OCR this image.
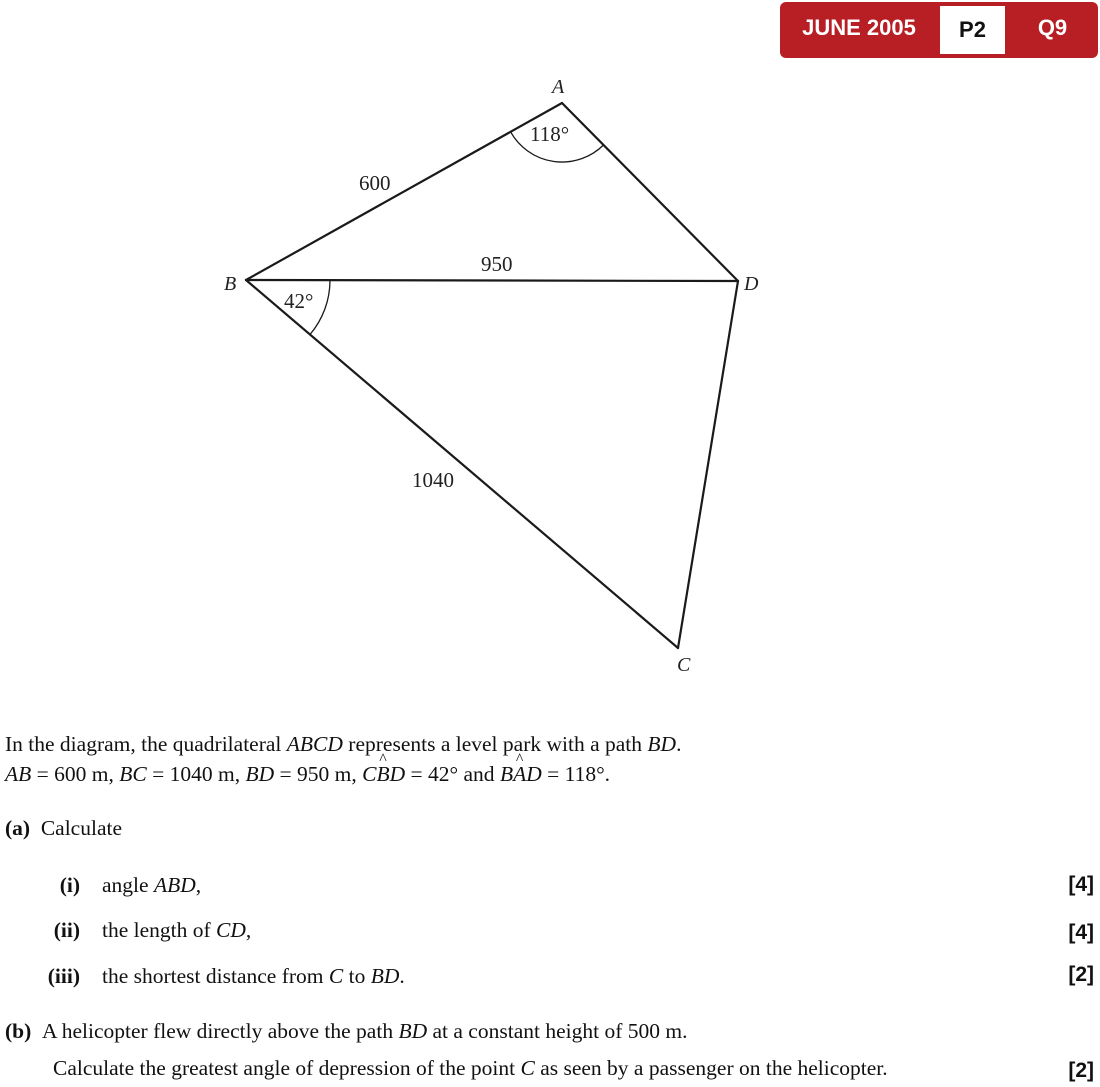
JUNE 2005	P2	Q9
A
B
C
D
600
950
1040
118°
42°
In the diagram, the quadrilateral ABCD represents a level park with a path BD.
AB = 600 m, BC = 1040 m, BD = 950 m, C^ BD = 42° and B^ AD = 118°.
(a) Calculate
(i) angle ABD,	[4]
(ii) the length of CD,	[4]
(iii) the shortest distance from C to BD.	[2]
(b) A helicopter flew directly above the path BD at a constant height of 500 m.
Calculate the greatest angle of depression of the point C as seen by a passenger on the helicopter.	[2]
